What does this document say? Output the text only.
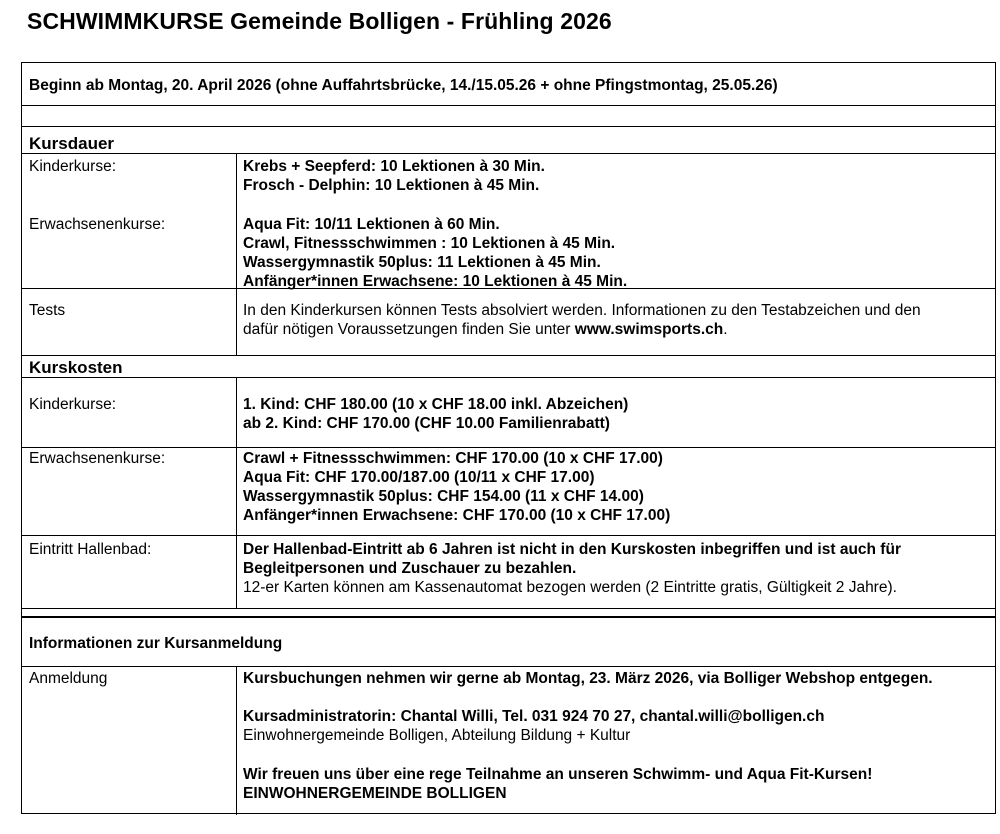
SCHWIMMKURSE Gemeinde Bolligen - Frühling 2026
Beginn ab Montag, 20. April 2026 (ohne Auffahrtsbrücke, 14./15.05.26 + ohne Pfingstmontag, 25.05.26)
Kursdauer
Kinderkurse:	Krebs + Seepferd: 10 Lektionen à 30 Min.
Frosch - Delphin: 10 Lektionen à 45 Min.
Erwachsenenkurse:	Aqua Fit: 10/11 Lektionen à 60 Min.
Crawl, Fitnessschwimmen : 10 Lektionen à 45 Min.
Wassergymnastik 50plus: 11 Lektionen à 45 Min.
Anfänger*innen Erwachsene: 10 Lektionen à 45 Min.
Tests	In den Kinderkursen können Tests absolviert werden. Informationen zu den Testabzeichen und den
dafür nötigen Voraussetzungen finden Sie unter www.swimsports.ch.
Kurskosten
Kinderkurse:	1. Kind: CHF 180.00 (10 x CHF 18.00 inkl. Abzeichen)
ab 2. Kind: CHF 170.00 (CHF 10.00 Familienrabatt)
Erwachsenenkurse:	Crawl + Fitnessschwimmen: CHF 170.00 (10 x CHF 17.00)
Aqua Fit: CHF 170.00/187.00 (10/11 x CHF 17.00)
Wassergymnastik 50plus: CHF 154.00 (11 x CHF 14.00)
Anfänger*innen Erwachsene: CHF 170.00 (10 x CHF 17.00)
Eintritt Hallenbad:	Der Hallenbad-Eintritt ab 6 Jahren ist nicht in den Kurskosten inbegriffen und ist auch für
Begleitpersonen und Zuschauer zu bezahlen.
12-er Karten können am Kassenautomat bezogen werden (2 Eintritte gratis, Gültigkeit 2 Jahre).
Informationen zur Kursanmeldung
Anmeldung	Kursbuchungen nehmen wir gerne ab Montag, 23. März 2026, via Bolliger Webshop entgegen.
Kursadministratorin: Chantal Willi, Tel. 031 924 70 27, chantal.willi@bolligen.ch
Einwohnergemeinde Bolligen, Abteilung Bildung + Kultur
Wir freuen uns über eine rege Teilnahme an unseren Schwimm- und Aqua Fit-Kursen!
EINWOHNERGEMEINDE BOLLIGEN
